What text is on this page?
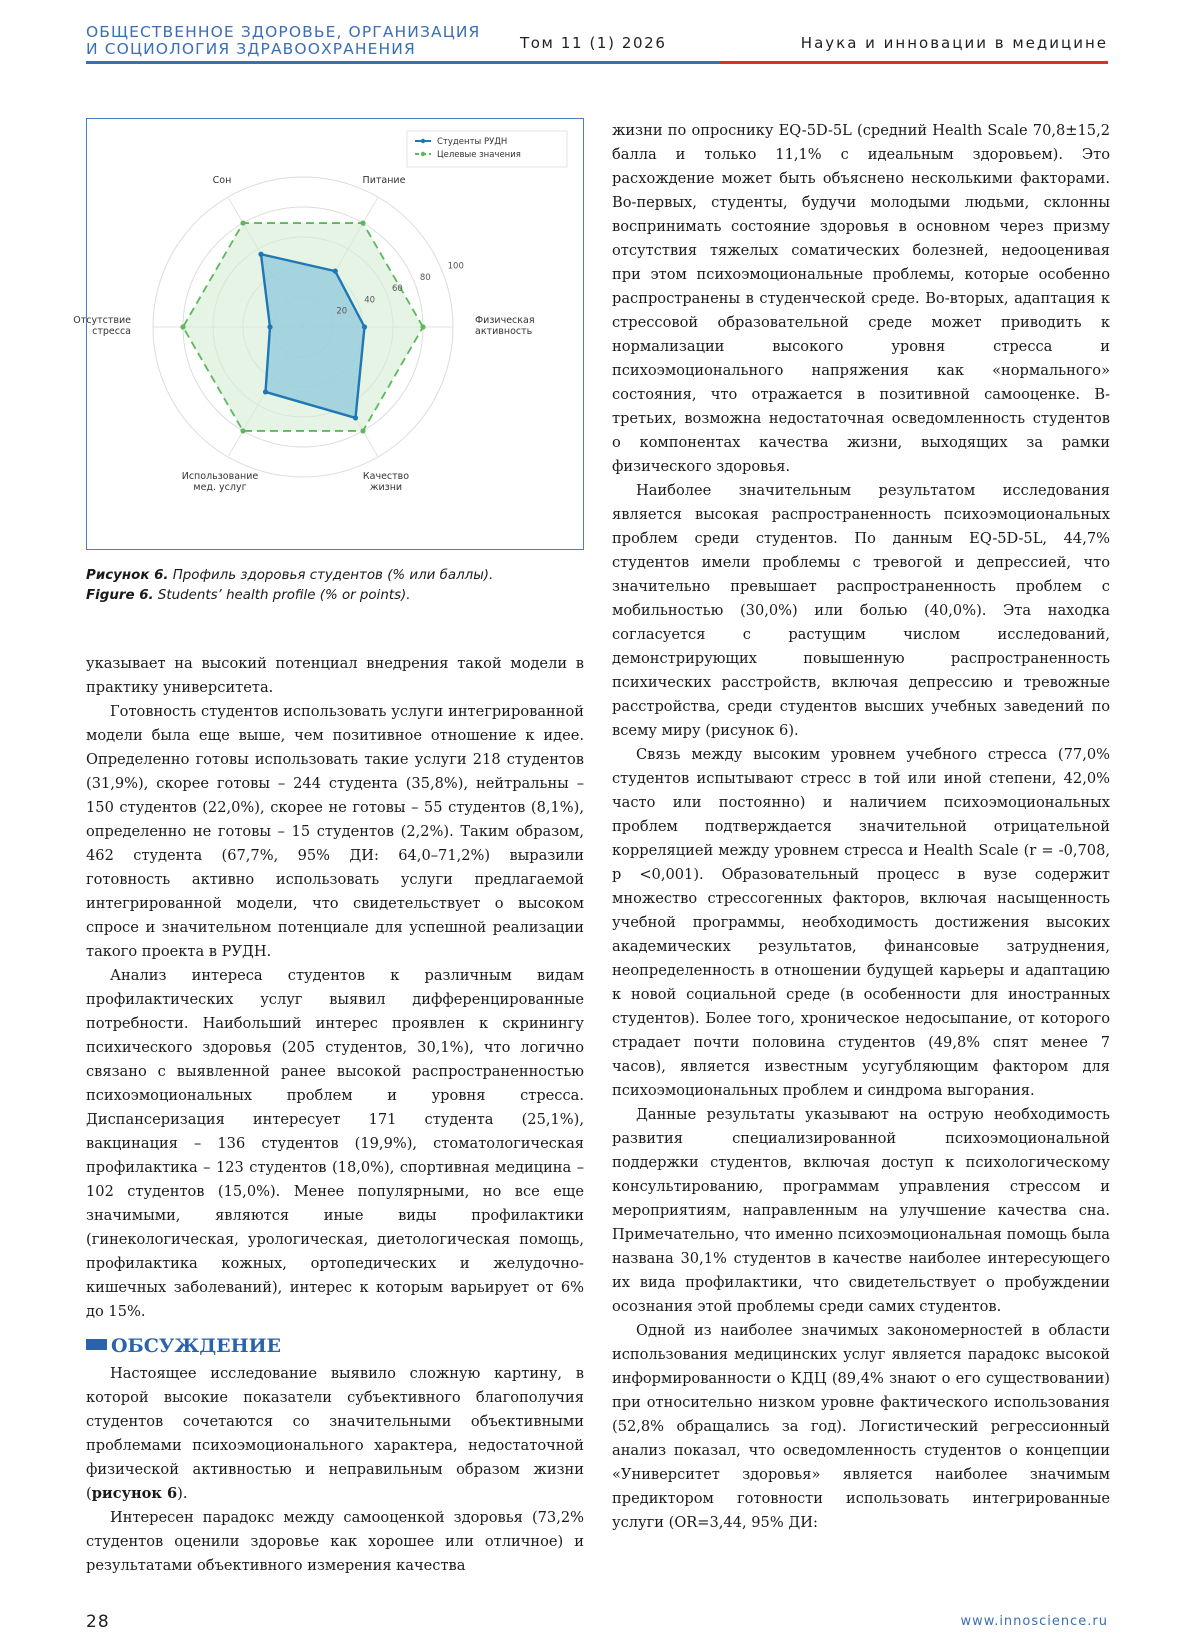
ОБЩЕСТВЕННОЕ ЗДОРОВЬЕ, ОРГАНИЗАЦИЯ И СОЦИОЛОГИЯ ЗДРАВООХРАНЕНИЯ	Том 11 (1) 2026	Наука и инновации в медицине
20
40
60
80
100
Физическая
активность
Питание
Сон
Отсутствие
стресса
Использование
мед. услуг
Качество
жизни
Студенты РУДН
Целевые значения
Рисунок 6. Профиль здоровья студентов (% или баллы).
Figure 6. Students’ health profile (% or points).

указывает на высокий потенциал внедрения такой модели в практику университета.

Готовность студентов использовать услуги интегрированной модели была еще выше, чем позитивное отношение к идее. Определенно готовы использовать такие услуги 218 студентов (31,9%), скорее готовы – 244 студента (35,8%), нейтральны – 150 студентов (22,0%), скорее не готовы – 55 студентов (8,1%), определенно не готовы – 15 студентов (2,2%). Таким образом, 462 студента (67,7%, 95% ДИ: 64,0–71,2%) выразили готовность активно использовать услуги предлагаемой интегрированной модели, что свидетельствует о высоком спросе и значительном потенциале для успешной реализации такого проекта в РУДН.

Анализ интереса студентов к различным видам профилактических услуг выявил дифференцированные потребности. Наибольший интерес проявлен к скринингу психического здоровья (205 студентов, 30,1%), что логично связано с выявленной ранее высокой распространенностью психоэмоциональных проблем и уровня стресса. Диспансеризация интересует 171 студента (25,1%), вакцинация – 136 студентов (19,9%), стоматологическая профилактика – 123 студентов (18,0%), спортивная медицина – 102 студентов (15,0%). Менее популярными, но все еще значимыми, являются иные виды профилактики (гинекологическая, урологическая, диетологическая помощь, профилактика кожных, ортопедических и желудочно-кишечных заболеваний), интерес к которым варьирует от 6% до 15%.

ОБСУЖДЕНИЕ

Настоящее исследование выявило сложную картину, в которой высокие показатели субъективного благополучия студентов сочетаются со значительными объективными проблемами психоэмоционального характера, недостаточной физической активностью и неправильным образом жизни (рисунок 6).

Интересен парадокс между самооценкой здоровья (73,2% студентов оценили здоровье как хорошее или отличное) и результатами объективного измерения качества

жизни по опроснику EQ-5D-5L (средний Health Scale 70,8±15,2 балла и только 11,1% с идеальным здоровьем). Это расхождение может быть объяснено несколькими факторами. Во-первых, студенты, будучи молодыми людьми, склонны воспринимать состояние здоровья в основном через призму отсутствия тяжелых соматических болезней, недооценивая при этом психоэмоциональные проблемы, которые особенно распространены в студенческой среде. Во-вторых, адаптация к стрессовой образовательной среде может приводить к нормализации высокого уровня стресса и психоэмоционального напряжения как «нормального» состояния, что отражается в позитивной самооценке. В-третьих, возможна недостаточная осведомленность студентов о компонентах качества жизни, выходящих за рамки физического здоровья.

Наиболее значительным результатом исследования является высокая распространенность психоэмоциональных проблем среди студентов. По данным EQ-5D-5L, 44,7% студентов имели проблемы с тревогой и депрессией, что значительно превышает распространенность проблем с мобильностью (30,0%) или болью (40,0%). Эта находка согласуется с растущим числом исследований, демонстрирующих повышенную распространенность психических расстройств, включая депрессию и тревожные расстройства, среди студентов высших учебных заведений по всему миру (рисунок 6).

Связь между высоким уровнем учебного стресса (77,0% студентов испытывают стресс в той или иной степени, 42,0% часто или постоянно) и наличием психоэмоциональных проблем подтверждается значительной отрицательной корреляцией между уровнем стресса и Health Scale (r = -0,708, p <0,001). Образовательный процесс в вузе содержит множество стрессогенных факторов, включая насыщенность учебной программы, необходимость достижения высоких академических результатов, финансовые затруднения, неопределенность в отношении будущей карьеры и адаптацию к новой социальной среде (в особенности для иностранных студентов). Более того, хроническое недосыпание, от которого страдает почти половина студентов (49,8% спят менее 7 часов), является известным усугубляющим фактором для психоэмоциональных проблем и синдрома выгорания.

Данные результаты указывают на острую необходимость развития специализированной психоэмоциональной поддержки студентов, включая доступ к психологическому консультированию, программам управления стрессом и мероприятиям, направленным на улучшение качества сна. Примечательно, что именно психоэмоциональная помощь была названа 30,1% студентов в качестве наиболее интересующего их вида профилактики, что свидетельствует о пробуждении осознания этой проблемы среди самих студентов.

Одной из наиболее значимых закономерностей в области использования медицинских услуг является парадокс высокой информированности о КДЦ (89,4% знают о его существовании) при относительно низком уровне фактического использования (52,8% обращались за год). Логистический регрессионный анализ показал, что осведомленность студентов о концепции «Университет здоровья» является наиболее значимым предиктором готовности использовать интегрированные услуги (OR=3,44, 95% ДИ:

28	www.innoscience.ru
